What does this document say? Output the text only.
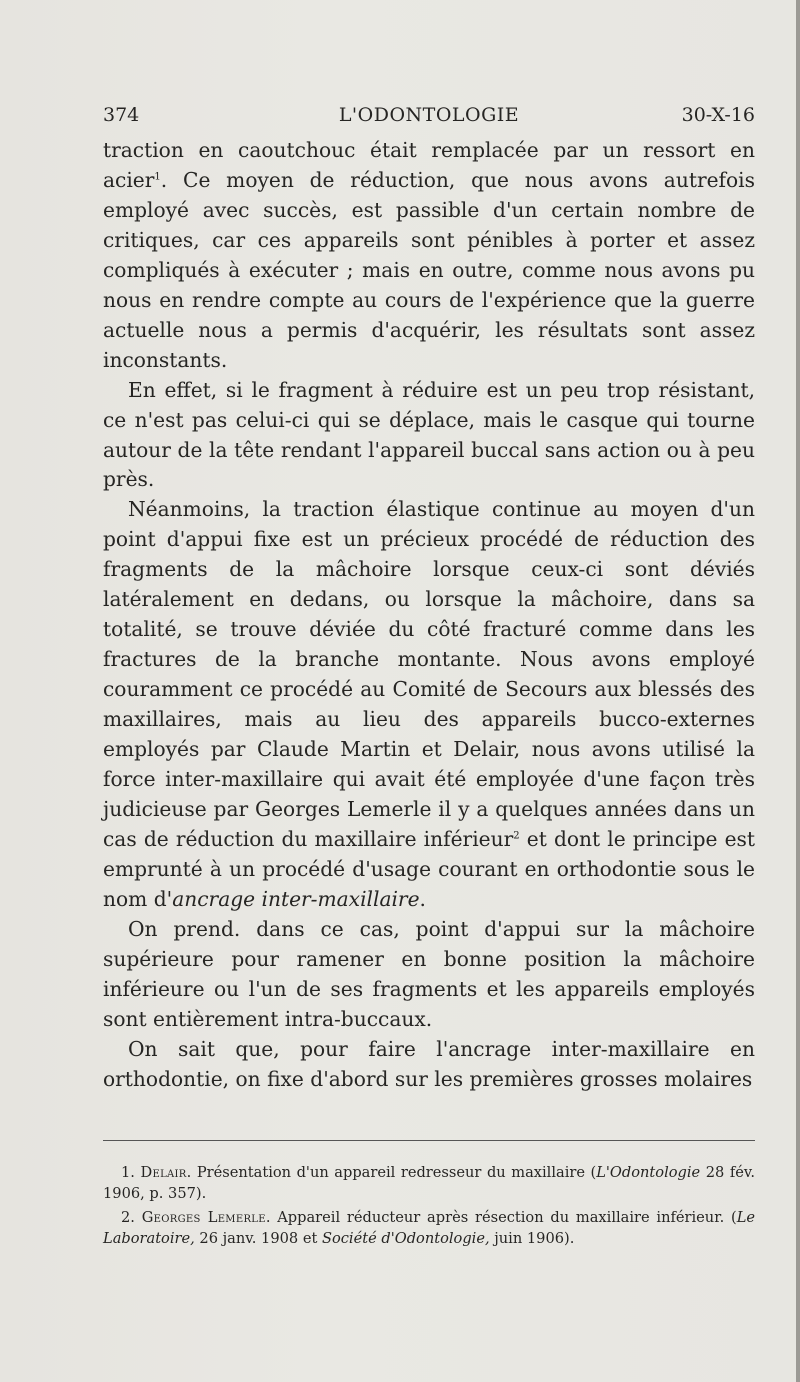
374	L'ODONTOLOGIE	30-X-16

traction en caoutchouc était remplacée par un ressort en acier$^1$. Ce moyen de réduction, que nous avons autrefois employé avec succès, est passible d'un certain nombre de critiques, car ces appareils sont pénibles à porter et assez compliqués à exécuter ; mais en outre, comme nous avons pu nous en rendre compte au cours de l'expérience que la guerre actuelle nous a permis d'acquérir, les résultats sont assez inconstants.

En effet, si le fragment à réduire est un peu trop résistant, ce n'est pas celui-ci qui se déplace, mais le casque qui tourne autour de la tête rendant l'appareil buccal sans action ou à peu près.

Néanmoins, la traction élastique continue au moyen d'un point d'appui fixe est un précieux procédé de réduction des fragments de la mâchoire lorsque ceux-ci sont déviés latéralement en dedans, ou lorsque la mâchoire, dans sa totalité, se trouve déviée du côté fracturé comme dans les fractures de la branche montante. Nous avons employé couramment ce procédé au Comité de Secours aux blessés des maxillaires, mais au lieu des appareils bucco-externes employés par Claude Martin et Delair, nous avons utilisé la force inter-maxillaire qui avait été employée d'une façon très judicieuse par Georges Lemerle il y a quelques années dans un cas de réduction du maxillaire inférieur$^2$ et dont le principe est emprunté à un procédé d'usage courant en orthodontie sous le nom d'ancrage inter-maxillaire.

On prend. dans ce cas, point d'appui sur la mâchoire supérieure pour ramener en bonne position la mâchoire inférieure ou l'un de ses fragments et les appareils employés sont entièrement intra-buccaux.

On sait que, pour faire l'ancrage inter-maxillaire en orthodontie, on fixe d'abord sur les premières grosses molaires

1. Delair. Présentation d'un appareil redresseur du maxillaire (L'Odontologie 28 fév. 1906, p. 357).

2. Georges Lemerle. Appareil réducteur après résection du maxillaire inférieur. (Le Laboratoire, 26 janv. 1908 et Société d'Odontologie, juin 1906).
